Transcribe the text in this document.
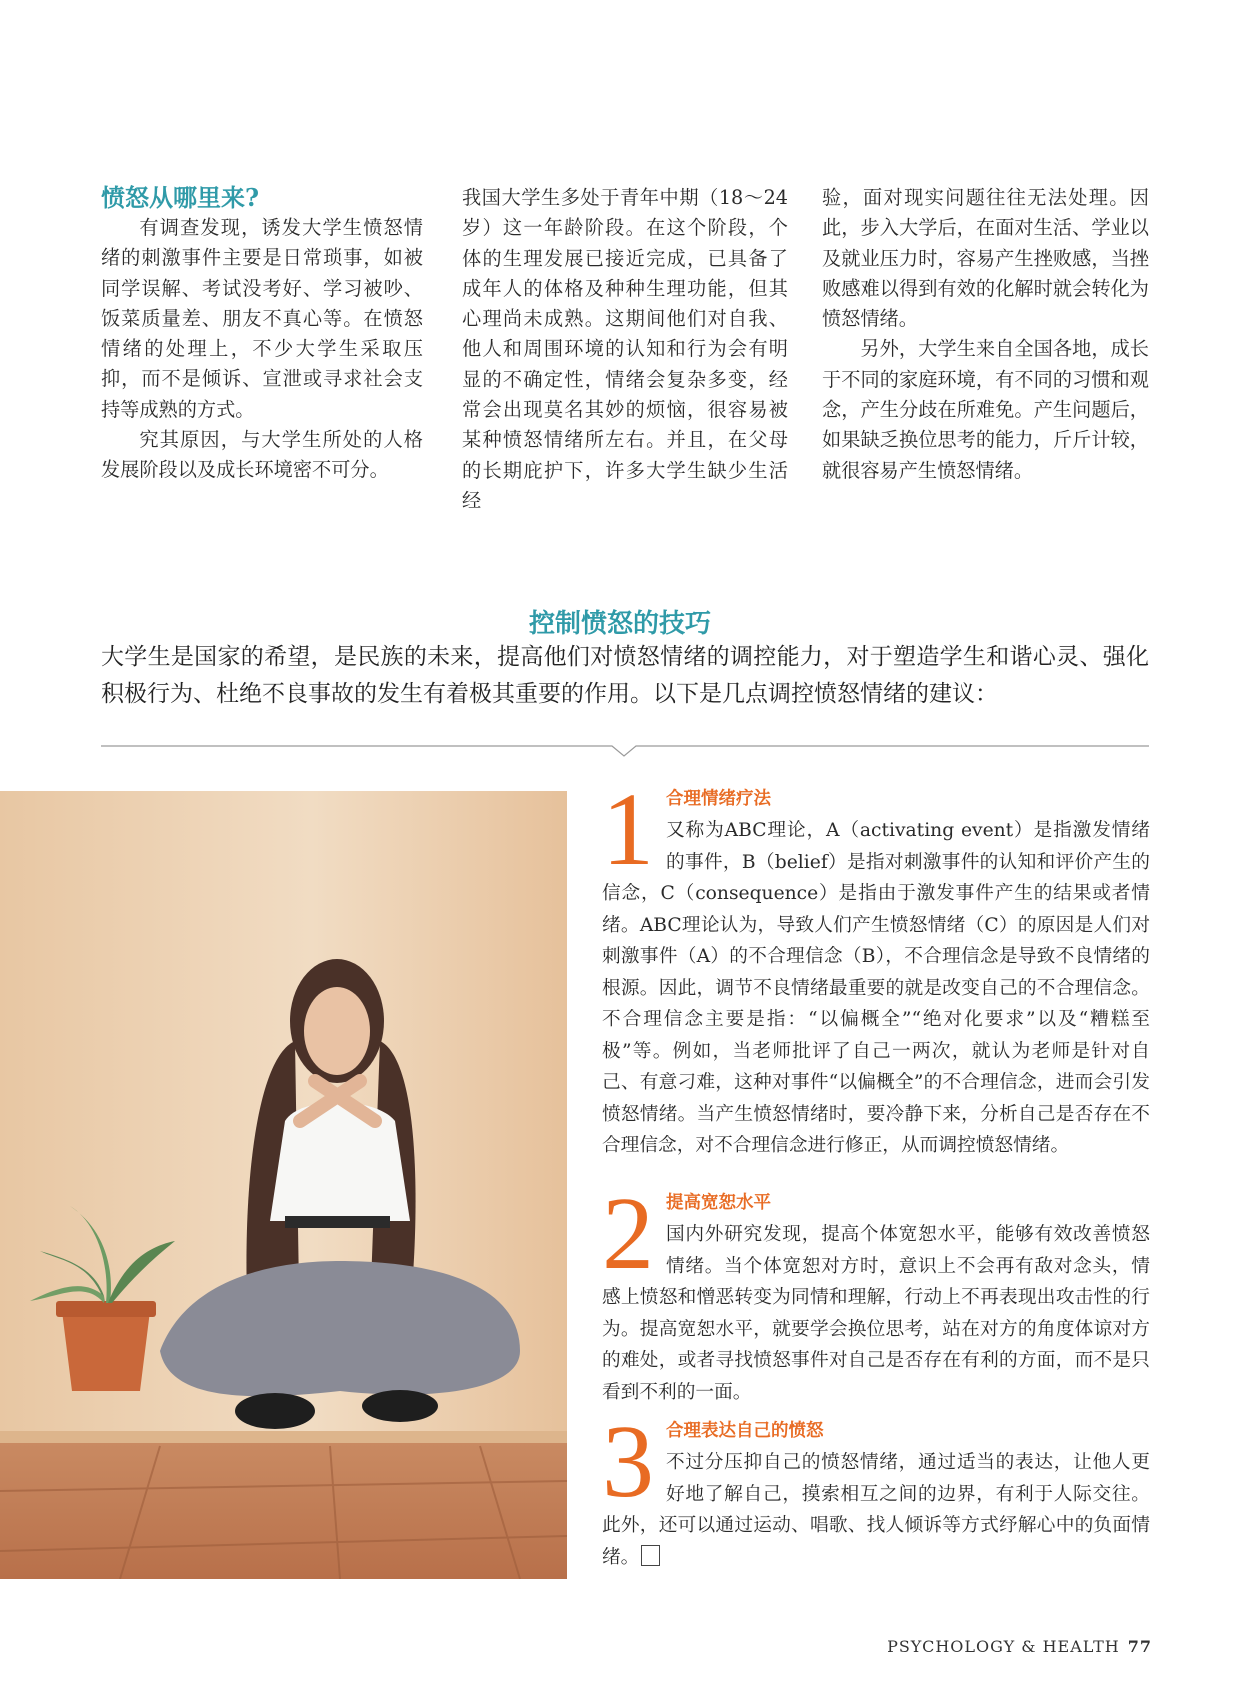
愤怒从哪里来?

有调查发现，诱发大学生愤怒情绪的刺激事件主要是日常琐事，如被同学误解、考试没考好、学习被吵、饭菜质量差、朋友不真心等。在愤怒情绪的处理上，不少大学生采取压抑，而不是倾诉、宣泄或寻求社会支持等成熟的方式。

究其原因，与大学生所处的人格发展阶段以及成长环境密不可分。

我国大学生多处于青年中期（18～24岁）这一年龄阶段。在这个阶段，个体的生理发展已接近完成，已具备了成年人的体格及种种生理功能，但其心理尚未成熟。这期间他们对自我、他人和周围环境的认知和行为会有明显的不确定性，情绪会复杂多变，经常会出现莫名其妙的烦恼，很容易被某种愤怒情绪所左右。并且，在父母的长期庇护下，许多大学生缺少生活经

验，面对现实问题往往无法处理。因此，步入大学后，在面对生活、学业以及就业压力时，容易产生挫败感，当挫败感难以得到有效的化解时就会转化为愤怒情绪。

另外，大学生来自全国各地，成长于不同的家庭环境，有不同的习惯和观念，产生分歧在所难免。产生问题后，如果缺乏换位思考的能力，斤斤计较，就很容易产生愤怒情绪。

控制愤怒的技巧

大学生是国家的希望，是民族的未来，提高他们对愤怒情绪的调控能力，对于塑造学生和谐心灵、强化积极行为、杜绝不良事故的发生有着极其重要的作用。以下是几点调控愤怒情绪的建议：

1 合理情绪疗法

又称为ABC理论，A（activating event）是指激发情绪的事件，B（belief）是指对刺激事件的认知和评价产生的信念，C（consequence）是指由于激发事件产生的结果或者情绪。ABC理论认为，导致人们产生愤怒情绪（C）的原因是人们对刺激事件（A）的不合理信念（B），不合理信念是导致不良情绪的根源。因此，调节不良情绪最重要的就是改变自己的不合理信念。不合理信念主要是指：“以偏概全”“绝对化要求”以及“糟糕至极”等。例如，当老师批评了自己一两次，就认为老师是针对自己、有意刁难，这种对事件“以偏概全”的不合理信念，进而会引发愤怒情绪。当产生愤怒情绪时，要冷静下来，分析自己是否存在不合理信念，对不合理信念进行修正，从而调控愤怒情绪。

2 提高宽恕水平

国内外研究发现，提高个体宽恕水平，能够有效改善愤怒情绪。当个体宽恕对方时，意识上不会再有敌对念头，情感上愤怒和憎恶转变为同情和理解，行动上不再表现出攻击性的行为。提高宽恕水平，就要学会换位思考，站在对方的角度体谅对方的难处，或者寻找愤怒事件对自己是否存在有利的方面，而不是只看到不利的一面。

3 合理表达自己的愤怒

不过分压抑自己的愤怒情绪，通过适当的表达，让他人更好地了解自己，摸索相互之间的边界，有利于人际交往。此外，还可以通过运动、唱歌、找人倾诉等方式纾解心中的负面情绪。

PSYCHOLOGY & HEALTH 77
